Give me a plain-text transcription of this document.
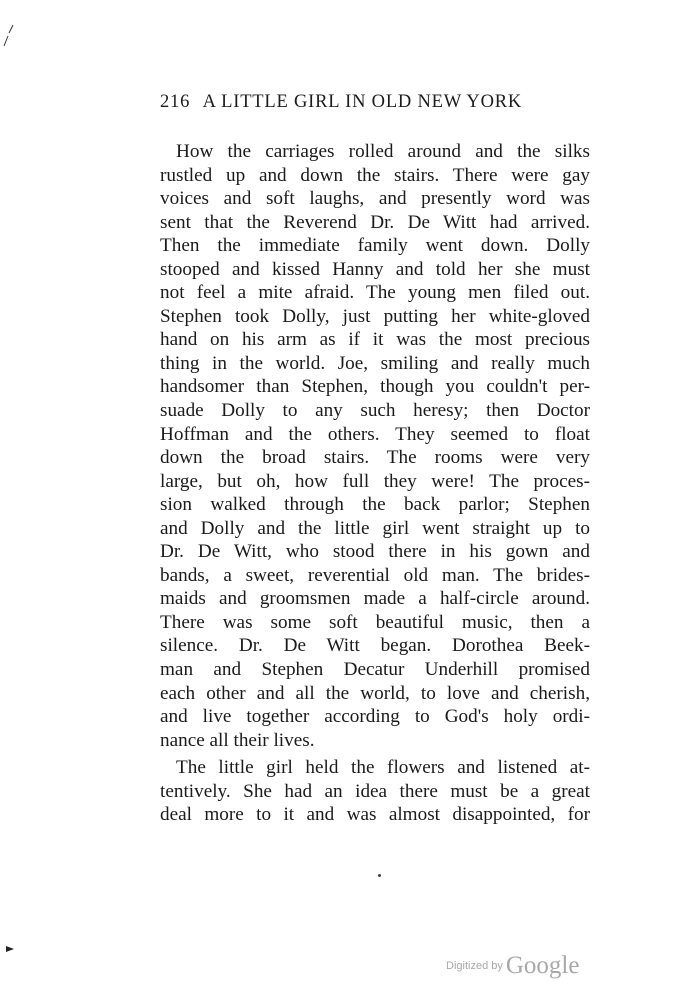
216 A LITTLE GIRL IN OLD NEW YORK
How the carriages rolled around and the silks
rustled up and down the stairs. There were gay
voices and soft laughs, and presently word was
sent that the Reverend Dr. De Witt had arrived.
Then the immediate family went down. Dolly
stooped and kissed Hanny and told her she must
not feel a mite afraid. The young men filed out.
Stephen took Dolly, just putting her white-gloved
hand on his arm as if it was the most precious
thing in the world. Joe, smiling and really much
handsomer than Stephen, though you couldn't per-
suade Dolly to any such heresy; then Doctor
Hoffman and the others. They seemed to float
down the broad stairs. The rooms were very
large, but oh, how full they were! The proces-
sion walked through the back parlor; Stephen
and Dolly and the little girl went straight up to
Dr. De Witt, who stood there in his gown and
bands, a sweet, reverential old man. The brides-
maids and groomsmen made a half-circle around.
There was some soft beautiful music, then a
silence. Dr. De Witt began. Dorothea Beek-
man and Stephen Decatur Underhill promised
each other and all the world, to love and cherish,
and live together according to God's holy ordi-
nance all their lives.
The little girl held the flowers and listened at-
tentively. She had an idea there must be a great
deal more to it and was almost disappointed, for
$^{Digitized by}$ Google
